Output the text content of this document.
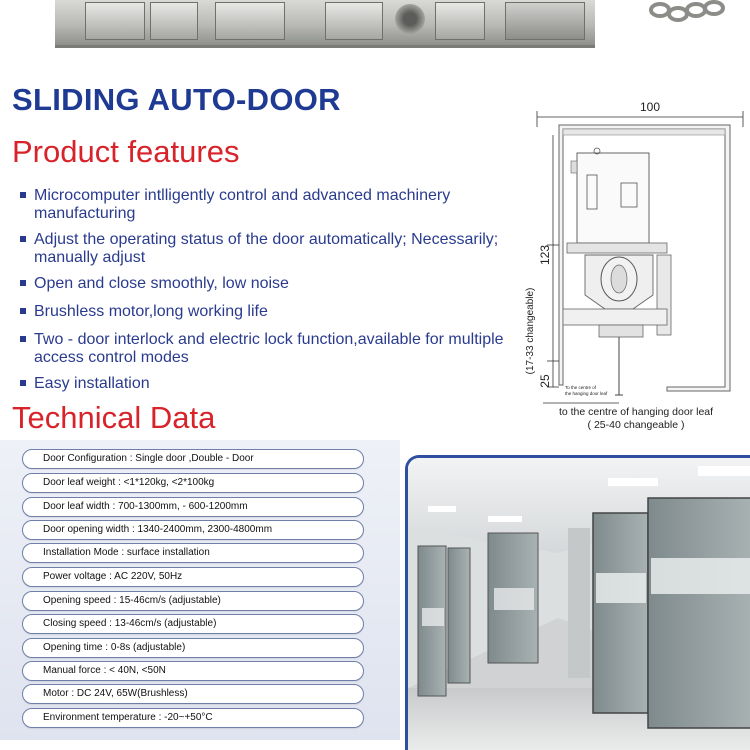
SLIDING AUTO-DOOR
Product features
Microcomputer intlligently control and advanced machinery manufacturing
Adjust the operating status of the door automatically; Necessarily; manually adjust
Open and close smoothly, low noise
Brushless motor,long working life
Two - door interlock and electric lock function,available for multiple access control modes
Easy installation
100
123
25
(17-33 changeable)
To the centre of
the hanging door leaf
to the centre of hanging door leaf
( 25-40 changeable )
Technical Data
Door Configuration : Single door ,Double - Door
Door leaf weight : <1*120kg, <2*100kg
Door leaf width : 700-1300mm, - 600-1200mm
Door opening width : 1340-2400mm, 2300-4800mm
Installation Mode : surface installation
Power voltage : AC 220V, 50Hz
Opening speed : 15-46cm/s (adjustable)
Closing speed : 13-46cm/s (adjustable)
Opening time : 0-8s (adjustable)
Manual force : < 40N, <50N
Motor : DC 24V, 65W(Brushless)
Environment temperature : -20~+50°C
